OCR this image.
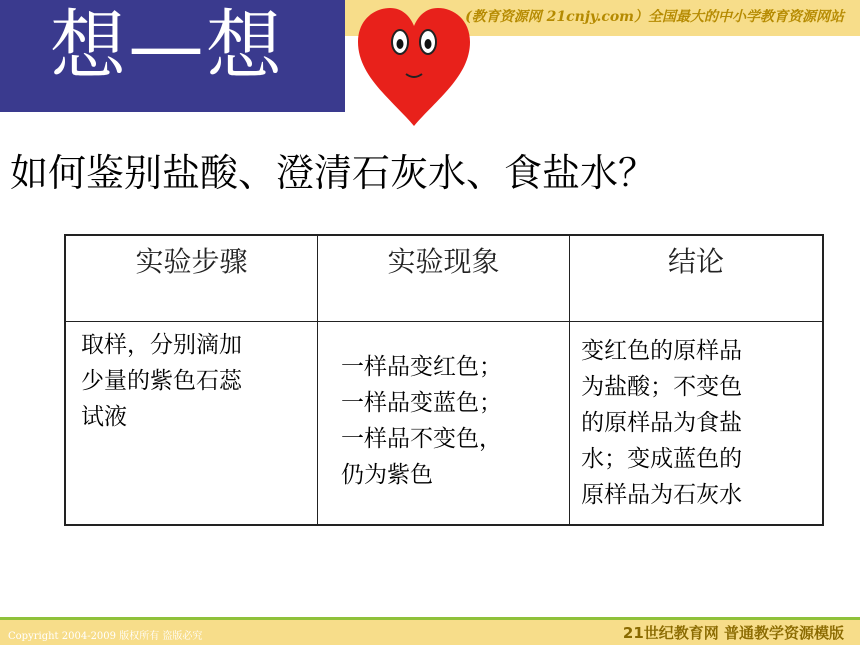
(教育资源网 21cnjy.com）全国最大的中小学教育资源网站
想—想
如何鉴别盐酸、澄清石灰水、食盐水？
实验步骤	实验现象	结论

取样，分别滴加
少量的紫色石蕊
试液	一样品变红色；
一样品变蓝色；
一样品不变色，
仍为紫色	变红色的原样品
为盐酸；不变色
的原样品为食盐
水；变成蓝色的
原样品为石灰水
Copyright 2004-2009 版权所有 盗版必究	21世纪教育网 普通教学资源模版
